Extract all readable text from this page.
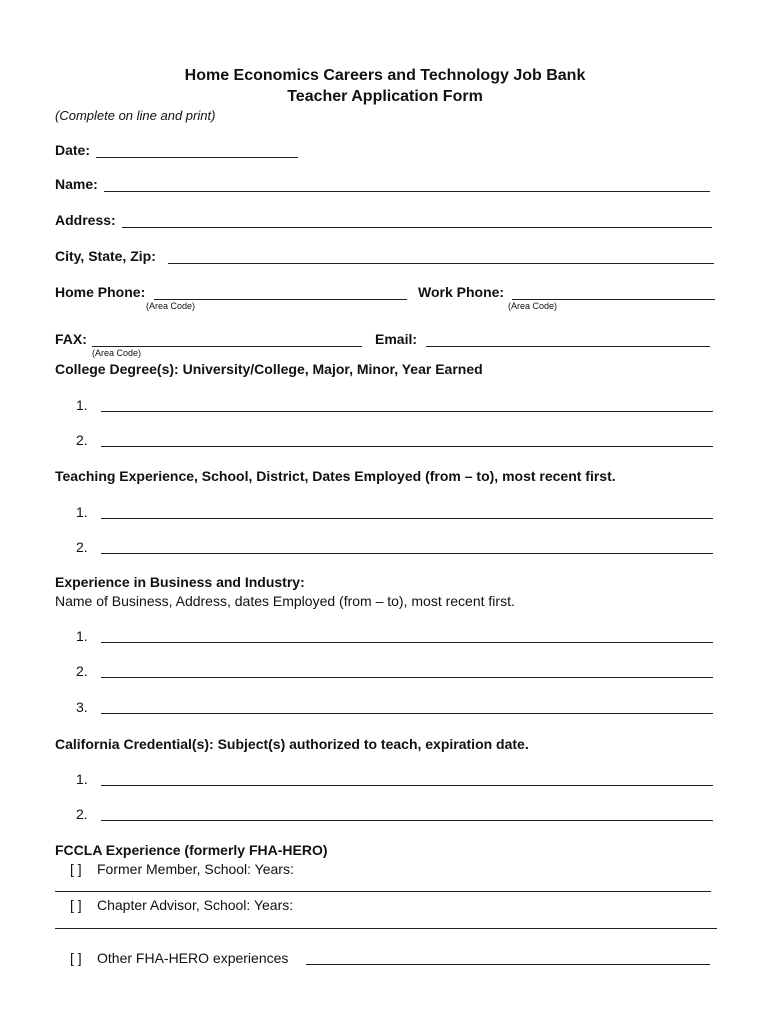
Home Economics Careers and Technology Job Bank
Teacher Application Form
(Complete on line and print)
Date:
Name:
Address:
City, State, Zip:
Home Phone:
(Area Code)
Work Phone:
(Area Code)
FAX:
(Area Code)
Email:
College Degree(s): University/College, Major, Minor, Year Earned
1.
2.
Teaching Experience, School, District, Dates Employed (from – to), most recent first.
1.
2.
Experience in Business and Industry:
Name of Business, Address, dates Employed (from – to), most recent first.
1.
2.
3.
California Credential(s): Subject(s) authorized to teach, expiration date.
1.
2.
FCCLA Experience (formerly FHA-HERO)
[ ] Former Member, School: Years:
[ ] Chapter Advisor, School: Years:
[ ] Other FHA-HERO experiences
